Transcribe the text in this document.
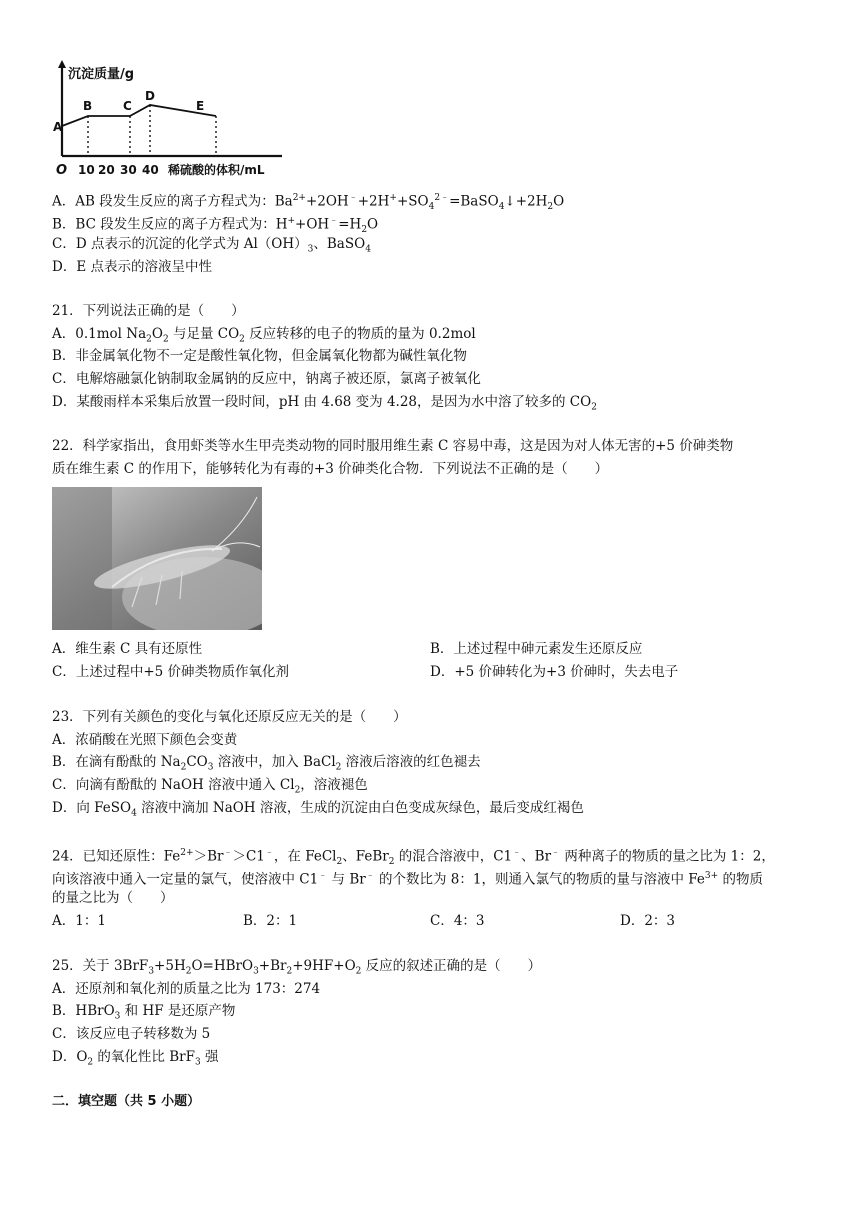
沉淀质量/g
A
B	C
D
E
O 10 20 30 40 稀硫酸的体积/mL
A．AB 段发生反应的离子方程式为：$Ba^{2+}+2OH^﹣+2H^++SO_4^{2﹣}=BaSO_4↓+2H_2O$
B．BC 段发生反应的离子方程式为：$H^++OH^﹣=H_2O$
C．D 点表示的沉淀的化学式为 $Al(OH)_3$、BaSO$_4$
D．E 点表示的溶液呈中性
21．下列说法正确的是（　　）
A．0.1mol $Na_2O_2$ 与足量 $CO_2$ 反应转移的电子的物质的量为 0.2mol
B．非金属氧化物不一定是酸性氧化物，但金属氧化物都为碱性氧化物
C．电解熔融氯化钠制取金属钠的反应中，钠离子被还原，氯离子被氧化
D．某酸雨样本采集后放置一段时间，pH 由 4.68 变为 4.28，是因为水中溶了较多的 $CO_2$
22．科学家指出，食用虾类等水生甲壳类动物的同时服用维生素 C 容易中毒，这是因为对人体无害的+5 价砷类物
质在维生素 C 的作用下，能够转化为有毒的+3 价砷类化合物．下列说法不正确的是（　　）
A．维生素 C 具有还原性	B．上述过程中砷元素发生还原反应
C．上述过程中+5 价砷类物质作氧化剂	D．+5 价砷转化为+3 价砷时，失去电子
23．下列有关颜色的变化与氧化还原反应无关的是（　　）
A．浓硝酸在光照下颜色会变黄
B．在滴有酚酞的 $Na_2CO_3$ 溶液中，加入 BaCl$_2$ 溶液后溶液的红色褪去
C．向滴有酚酞的 NaOH 溶液中通入 $Cl_2$，溶液褪色
D．向 FeSO$_4$ 溶液中滴加 NaOH 溶液，生成的沉淀由白色变成灰绿色，最后变成红褐色
24．已知还原性：$Fe^{2+}>Br^﹣>C1^﹣$，在 FeCl$_2$、FeBr$_2$ 的混合溶液中，C1﹣、Br﹣ 两种离子的物质的量之比为 1：2，
向该溶液中通入一定量的氯气，使溶液中 C1﹣ 与 Br﹣ 的个数比为 8：1，则通入氯气的物质的量与溶液中 $Fe^{3+}$ 的物质
的量之比为（　　）
A．1：1	B．2：1	C．4：3	D．2：3
25．关于 $3BrF_3+5H_2O=HBrO_3+Br_2+9HF+O_2$ 反应的叙述正确的是（　　）
A．还原剂和氧化剂的质量之比为 173：274
B．HBrO$_3$ 和 HF 是还原产物
C．该反应电子转移数为 5
D．$O_2$ 的氧化性比 BrF$_3$ 强
二．填空题（共 5 小题）
